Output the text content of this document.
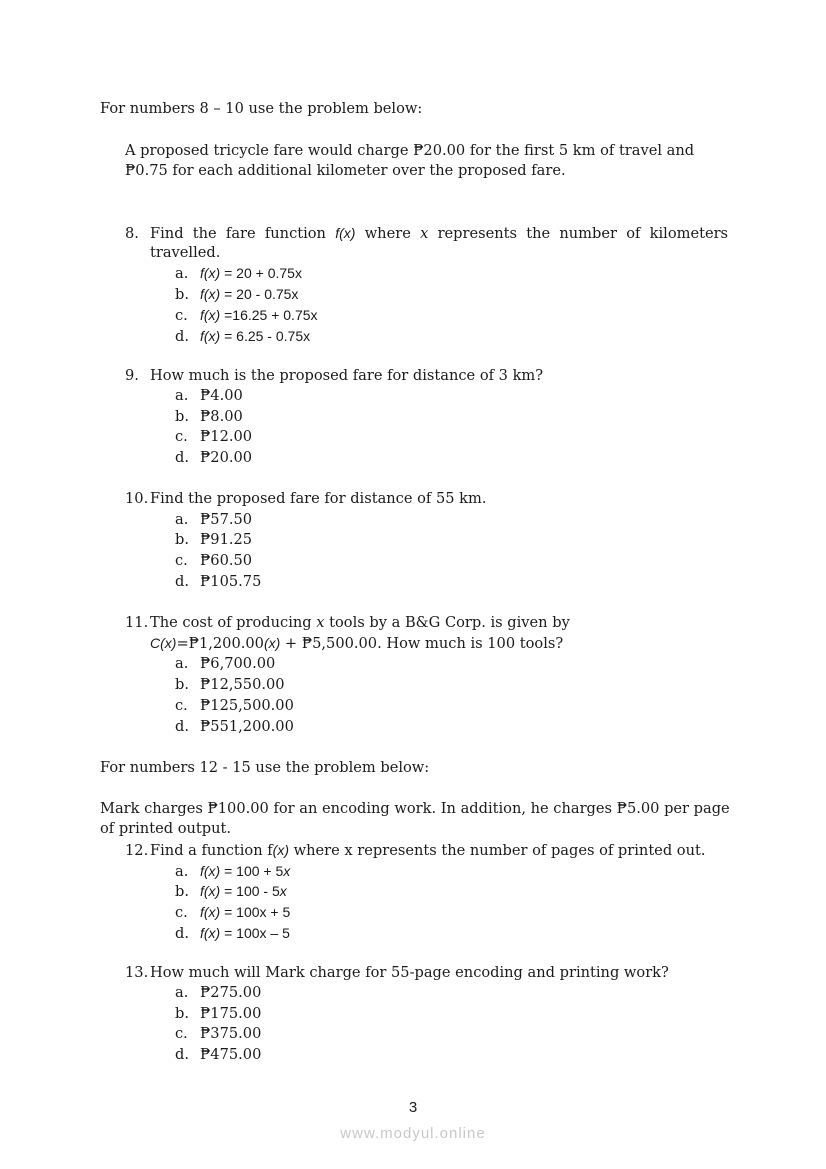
For numbers 8 – 10 use the problem below:
A proposed tricycle fare would charge ₱20.00 for the first 5 km of travel and
₱0.75 for each additional kilometer over the proposed fare.
8. Find the fare function f(x) where x represents the number of kilometers
travelled.
a. f(x) = 20 + 0.75x
b. f(x) = 20 - 0.75x
c. f(x) =16.25 + 0.75x
d. f(x) = 6.25 - 0.75x
9. How much is the proposed fare for distance of 3 km?
a. ₱4.00
b. ₱8.00
c. ₱12.00
d. ₱20.00
10. Find the proposed fare for distance of 55 km.
a. ₱57.50
b. ₱91.25
c. ₱60.50
d. ₱105.75
11. The cost of producing x tools by a B&G Corp. is given by
C(x)=₱1,200.00(x) + ₱5,500.00. How much is 100 tools?
a. ₱6,700.00
b. ₱12,550.00
c. ₱125,500.00
d. ₱551,200.00
For numbers 12 - 15 use the problem below:
Mark charges ₱100.00 for an encoding work. In addition, he charges ₱5.00 per page
of printed output.
12. Find a function f(x) where x represents the number of pages of printed out.
a. f(x) = 100 + 5x
b. f(x) = 100 - 5x
c. f(x) = 100x + 5
d. f(x) = 100x – 5
13. How much will Mark charge for 55-page encoding and printing work?
a. ₱275.00
b. ₱175.00
c. ₱375.00
d. ₱475.00
3
www.modyul.online
